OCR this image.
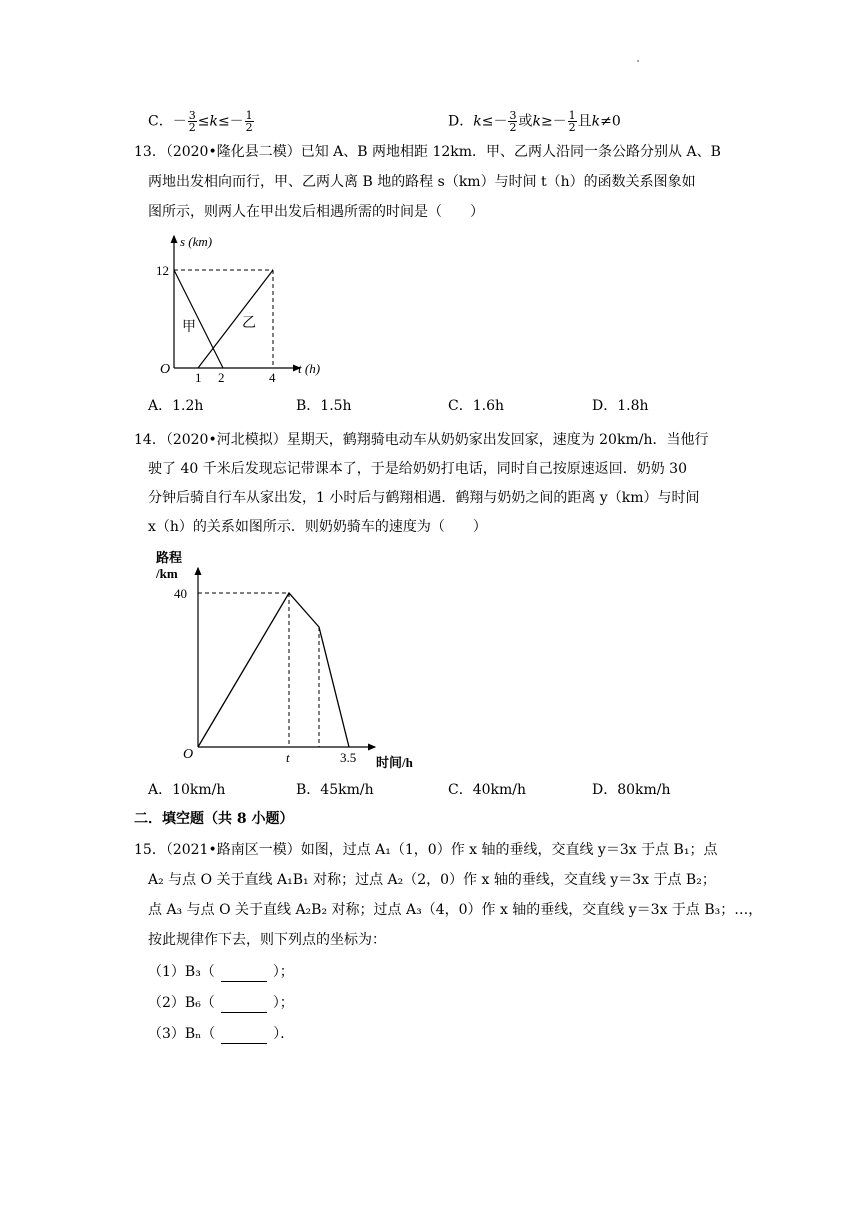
C．－ $\frac{3}{2} \le k\le- \frac{1}{2}$	D．$k\le- \frac{3}{2}$ 或$k\ge- \frac{1}{2}$ 且k≠0
13．（2020•隆化县二模）已知 A、B 两地相距 12km．甲、乙两人沿同一条公路分别从 A、B
两地出发相向而行，甲、乙两人离 B 地的路程 s（km）与时间 t（h）的函数关系图象如
图所示，则两人在甲出发后相遇所需的时间是（　　）
s (km)
12
O
1 2	4
t (h)
甲	乙
A．1.2h	B．1.5h	C．1.6h	D．1.8h
14．（2020•河北模拟）星期天，鹤翔骑电动车从奶奶家出发回家，速度为 20km/h．当他行
驶了 40 千米后发现忘记带课本了，于是给奶奶打电话，同时自己按原速返回．奶奶 30
分钟后骑自行车从家出发，1 小时后与鹤翔相遇．鹤翔与奶奶之间的距离 y（km）与时间
x（h）的关系如图所示．则奶奶骑车的速度为（　　）
路程
/km
40
O	t	3.5 时间/h
A．10km/h	B．45km/h	C．40km/h	D．80km/h
二．填空题（共 8 小题）
15．（2021•路南区一模）如图，过点 A₁（1，0）作 x 轴的垂线，交直线 y＝3x 于点 B₁；点
A₂ 与点 O 关于直线 A₁B₁ 对称；过点 A₂（2，0）作 x 轴的垂线，交直线 y＝3x 于点 B₂；
点 A₃ 与点 O 关于直线 A₂B₂ 对称；过点 A₃（4，0）作 x 轴的垂线，交直线 y＝3x 于点 B₃；…，
按此规律作下去，则下列点的坐标为：
（1）B₃（	）；
（2）B₆（	）；
（3）Bₙ（	）．
